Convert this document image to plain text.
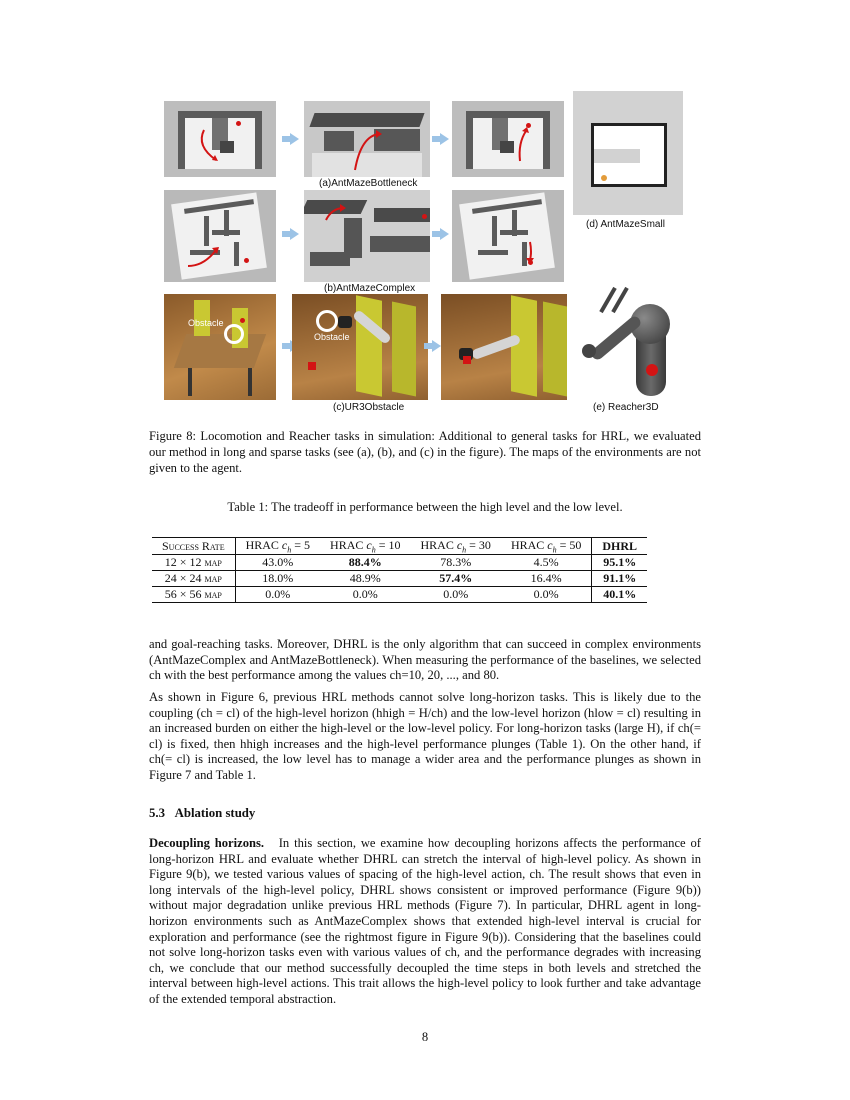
(a)AntMazeBottleneck
(d) AntMazeSmall
(b)AntMazeComplex
Obstacle
Obstacle
(c)UR3Obstacle	(e) Reacher3D
Figure 8: Locomotion and Reacher tasks in simulation: Additional to general tasks for HRL, we evaluated our method in long and sparse tasks (see (a), (b), and (c) in the figure). The maps of the environments are not given to the agent.
Table 1: The tradeoff in performance between the high level and the low level.
Success Rate	HRAC $c_h = 5$	HRAC $c_h = 10$	HRAC $c_h = 30$	HRAC $c_h = 50$	DHRL
12 × 12 map	43.0%	88.4%	78.3%	4.5%	95.1%
24 × 24 map	18.0%	48.9%	57.4%	16.4%	91.1%
56 × 56 map	0.0%	0.0%	0.0%	0.0%	40.1%
and goal-reaching tasks. Moreover, DHRL is the only algorithm that can succeed in complex environments (AntMazeComplex and AntMazeBottleneck). When measuring the performance of the baselines, we selected ch with the best performance among the values ch=10, 20, ..., and 80.
As shown in Figure 6, previous HRL methods cannot solve long-horizon tasks. This is likely due to the coupling (ch = cl) of the high-level horizon (hhigh = H/ch) and the low-level horizon (hlow = cl) resulting in an increased burden on either the high-level or the low-level policy. For long-horizon tasks (large H), if ch(= cl) is fixed, then hhigh increases and the high-level performance plunges (Table 1). On the other hand, if ch(= cl) is increased, the low level has to manage a wider area and the performance plunges as shown in Figure 7 and Table 1.
5.3 Ablation study
Decoupling horizons. In this section, we examine how decoupling horizons affects the performance of long-horizon HRL and evaluate whether DHRL can stretch the interval of high-level policy. As shown in Figure 9(b), we tested various values of spacing of the high-level action, ch. The result shows that even in long intervals of the high-level policy, DHRL shows consistent or improved performance (Figure 9(b)) without major degradation unlike previous HRL methods (Figure 7). In particular, DHRL agent in long-horizon environments such as AntMazeComplex shows that extended high-level interval is crucial for exploration and performance (see the rightmost figure in Figure 9(b)). Considering that the baselines could not solve long-horizon tasks even with various values of ch, and the performance degrades with increasing ch, we conclude that our method successfully decoupled the time steps in both levels and stretched the interval between high-level actions. This trait allows the high-level policy to look further and take advantage of the extended temporal abstraction.
8
